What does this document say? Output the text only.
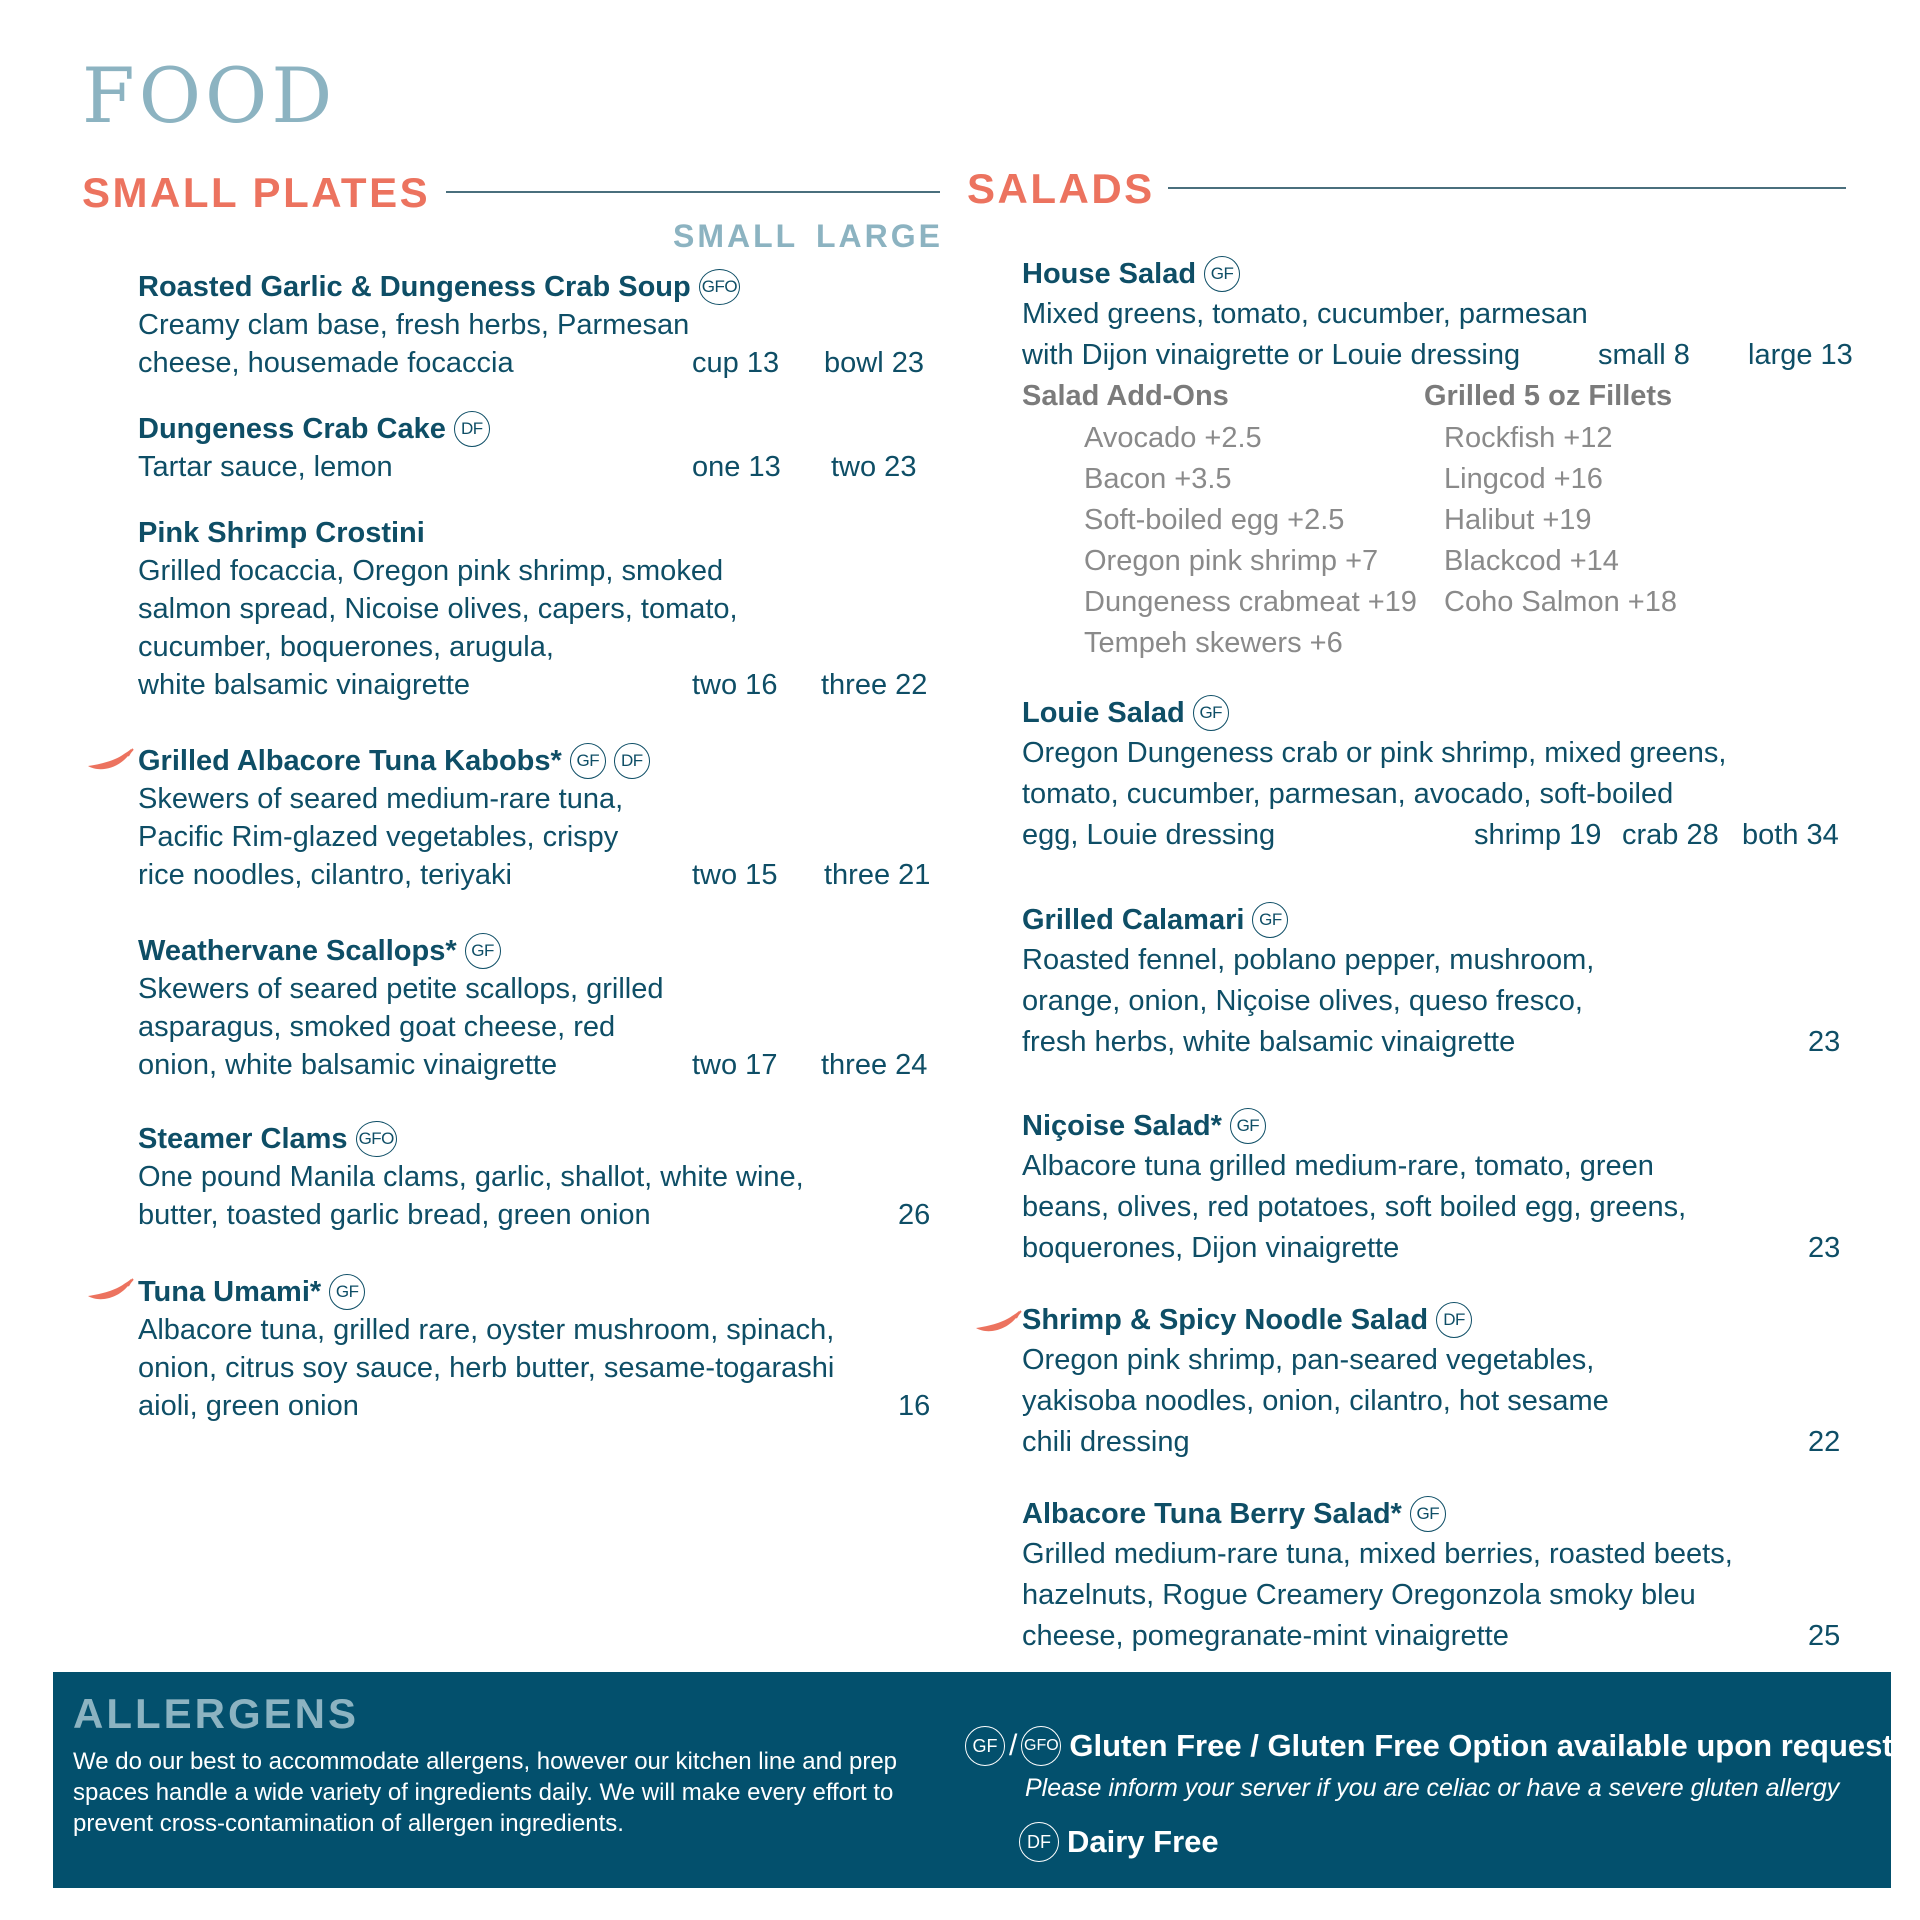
FOOD
SMALL PLATES
SMALL LARGE
SALADS
Roasted Garlic & Dungeness Crab Soup GFO
Creamy clam base, fresh herbs, Parmesan
cheese, housemade focaccia	cup 13 bowl 23
Dungeness Crab Cake DF
Tartar sauce, lemon	one 13 two 23
Pink Shrimp Crostini
Grilled focaccia, Oregon pink shrimp, smoked
salmon spread, Nicoise olives, capers, tomato,
cucumber, boquerones, arugula,
white balsamic vinaigrette	two 16 three 22
Grilled Albacore Tuna Kabobs* GF	DF
Skewers of seared medium-rare tuna,
Pacific Rim-glazed vegetables, crispy
rice noodles, cilantro, teriyaki	two 15 three 21
Weathervane Scallops* GF
Skewers of seared petite scallops, grilled
asparagus, smoked goat cheese, red
onion, white balsamic vinaigrette	two 17 three 24
Steamer Clams GFO
One pound Manila clams, garlic, shallot, white wine,
butter, toasted garlic bread, green onion	26
Tuna Umami* GF
Albacore tuna, grilled rare, oyster mushroom, spinach,
onion, citrus soy sauce, herb butter, sesame-togarashi
aioli, green onion	16
House Salad GF
Mixed greens, tomato, cucumber, parmesan
with Dijon vinaigrette or Louie dressing	small 8 large 13
Salad Add-Ons
Avocado +2.5
Bacon +3.5
Soft-boiled egg +2.5
Oregon pink shrimp +7
Dungeness crabmeat +19
Tempeh skewers +6
Grilled 5 oz Fillets
Rockfish +12
Lingcod +16
Halibut +19
Blackcod +14
Coho Salmon +18
Louie Salad GF
Oregon Dungeness crab or pink shrimp, mixed greens,
tomato, cucumber, parmesan, avocado, soft-boiled
egg, Louie dressing	shrimp 19 crab 28 both 34
Grilled Calamari GF
Roasted fennel, poblano pepper, mushroom,
orange, onion, Niçoise olives, queso fresco,
fresh herbs, white balsamic vinaigrette	23
Niçoise Salad* GF
Albacore tuna grilled medium-rare, tomato, green
beans, olives, red potatoes, soft boiled egg, greens,
boquerones, Dijon vinaigrette	23
Shrimp & Spicy Noodle Salad DF
Oregon pink shrimp, pan-seared vegetables,
yakisoba noodles, onion, cilantro, hot sesame
chili dressing	22
Albacore Tuna Berry Salad* GF
Grilled medium-rare tuna, mixed berries, roasted beets,
hazelnuts, Rogue Creamery Oregonzola smoky bleu
cheese, pomegranate-mint vinaigrette	25
ALLERGENS
We do our best to accommodate allergens, however our kitchen line and prep
spaces handle a wide variety of ingredients daily. We will make every effort to
prevent cross-contamination of allergen ingredients.
GF / GFO Gluten Free / Gluten Free Option available upon request
Please inform your server if you are celiac or have a severe gluten allergy
DF Dairy Free
